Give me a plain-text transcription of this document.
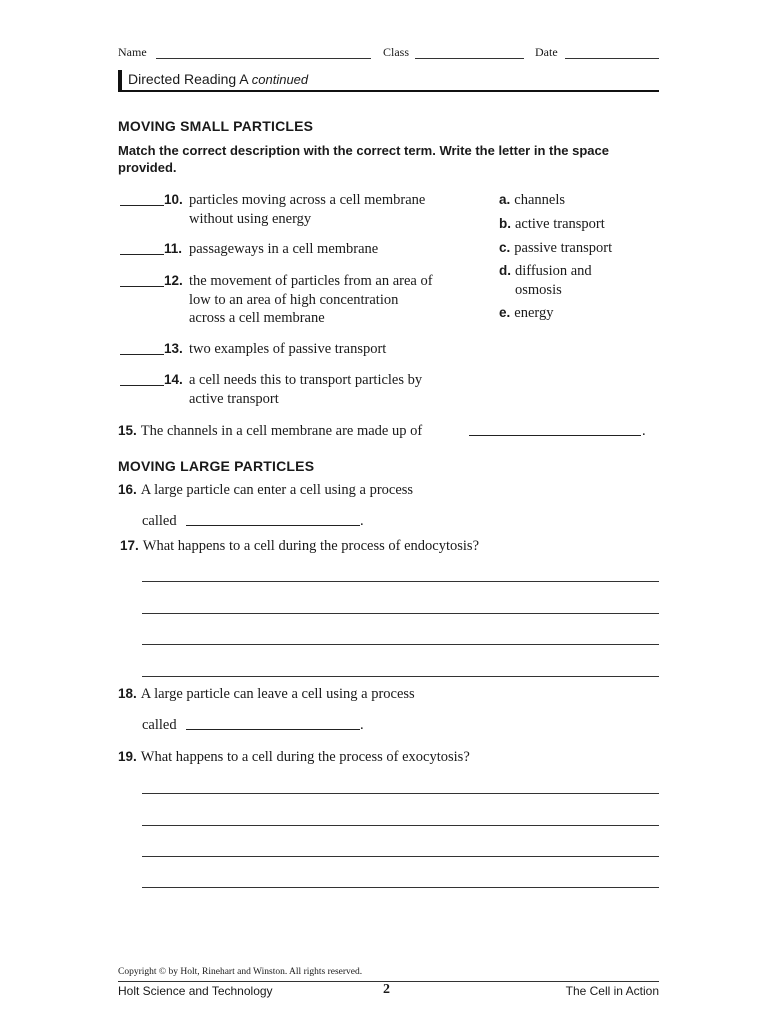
Name	Class	Date
Directed Reading A continued
MOVING SMALL PARTICLES
Match the correct description with the correct term. Write the letter in the space provided.
10. particles moving across a cell membrane
without using energy
11. passageways in a cell membrane
12. the movement of particles from an area of
low to an area of high concentration
across a cell membrane
13. two examples of passive transport
14. a cell needs this to transport particles by
active transport
a. channels
b. active transport
c. passive transport
d. diffusion and
osmosis
e. energy
15. The channels in a cell membrane are made up of	.
MOVING LARGE PARTICLES
16. A large particle can enter a cell using a process
called	.
17. What happens to a cell during the process of endocytosis?
18. A large particle can leave a cell using a process
called	.
19. What happens to a cell during the process of exocytosis?
Copyright © by Holt, Rinehart and Winston. All rights reserved.
Holt Science and Technology	2	The Cell in Action
